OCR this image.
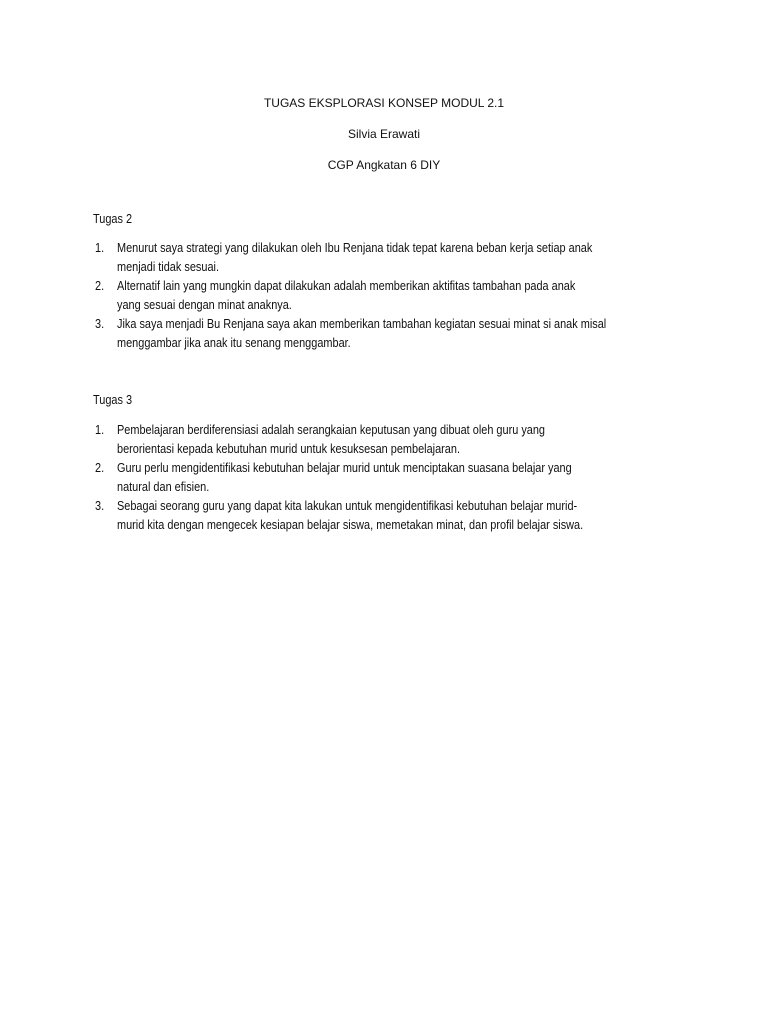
TUGAS EKSPLORASI KONSEP MODUL 2.1
Silvia Erawati
CGP Angkatan 6 DIY
Tugas 2
1. Menurut saya strategi yang dilakukan oleh Ibu Renjana tidak tepat karena beban kerja setiap anak
menjadi tidak sesuai.
2. Alternatif lain yang mungkin dapat dilakukan adalah memberikan aktifitas tambahan pada anak
yang sesuai dengan minat anaknya.
3. Jika saya menjadi Bu Renjana saya akan memberikan tambahan kegiatan sesuai minat si anak misal
menggambar jika anak itu senang menggambar.
Tugas 3
1. Pembelajaran berdiferensiasi adalah serangkaian keputusan yang dibuat oleh guru yang
berorientasi kepada kebutuhan murid untuk kesuksesan pembelajaran.
2. Guru perlu mengidentifikasi kebutuhan belajar murid untuk menciptakan suasana belajar yang
natural dan efisien.
3. Sebagai seorang guru yang dapat kita lakukan untuk mengidentifikasi kebutuhan belajar murid-
murid kita dengan mengecek kesiapan belajar siswa, memetakan minat, dan profil belajar siswa.
